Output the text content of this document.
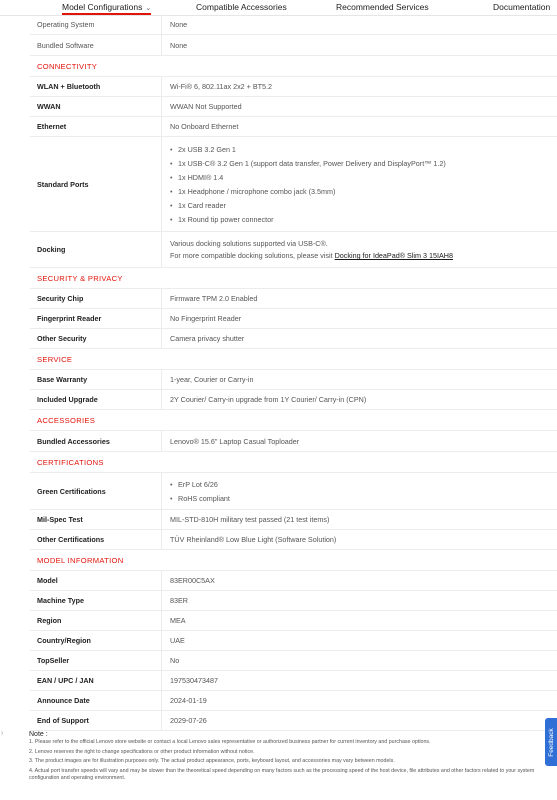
Model Configurations ⌄	Compatible Accessories	Recommended Services	Documentation
Operating System	None
Bundled Software	None
CONNECTIVITY
WLAN + Bluetooth	Wi-Fi® 6, 802.11ax 2x2 + BT5.2
WWAN	WWAN Not Supported
Ethernet	No Onboard Ethernet
Standard Ports
• 2x USB 3.2 Gen 1
• 1x USB-C® 3.2 Gen 1 (support data transfer, Power Delivery and DisplayPort™ 1.2)
• 1x HDMI® 1.4
• 1x Headphone / microphone combo jack (3.5mm)
• 1x Card reader
• 1x Round tip power connector
Docking
Various docking solutions supported via USB-C®.
For more compatible docking solutions, please visit Docking for IdeaPad® Slim 3 15IAH8
SECURITY & PRIVACY
Security Chip	Firmware TPM 2.0 Enabled
Fingerprint Reader	No Fingerprint Reader
Other Security	Camera privacy shutter
SERVICE
Base Warranty	1-year, Courier or Carry-in
Included Upgrade	2Y Courier/ Carry-in upgrade from 1Y Courier/ Carry-in (CPN)
ACCESSORIES
Bundled Accessories	Lenovo® 15.6" Laptop Casual Toploader
CERTIFICATIONS
Green Certifications
• ErP Lot 6/26
• RoHS compliant
Mil-Spec Test	MIL-STD-810H military test passed (21 test items)
Other Certifications	TÜV Rheinland® Low Blue Light (Software Solution)
MODEL INFORMATION
Model	83ER00C5AX
Machine Type	83ER
Region	MEA
Country/Region	UAE
TopSeller	No
EAN / UPC / JAN	197530473487
Announce Date	2024-01-19
End of Support	2029-07-26
Note :

1. Please refer to the official Lenovo store website or contact a local Lenovo sales representative or authorized business partner for current inventory and purchase options.

2. Lenovo reserves the right to change specifications or other product information without notice.

3. The product images are for illustration purposes only. The actual product appearance, ports, keyboard layout, and accessories may vary between models.

4. Actual port transfer speeds will vary and may be slower than the theoretical speed depending on many factors such as the processing speed of the host device, file attributes and other factors related to your system configuration and operating environment.

›	Feedback
